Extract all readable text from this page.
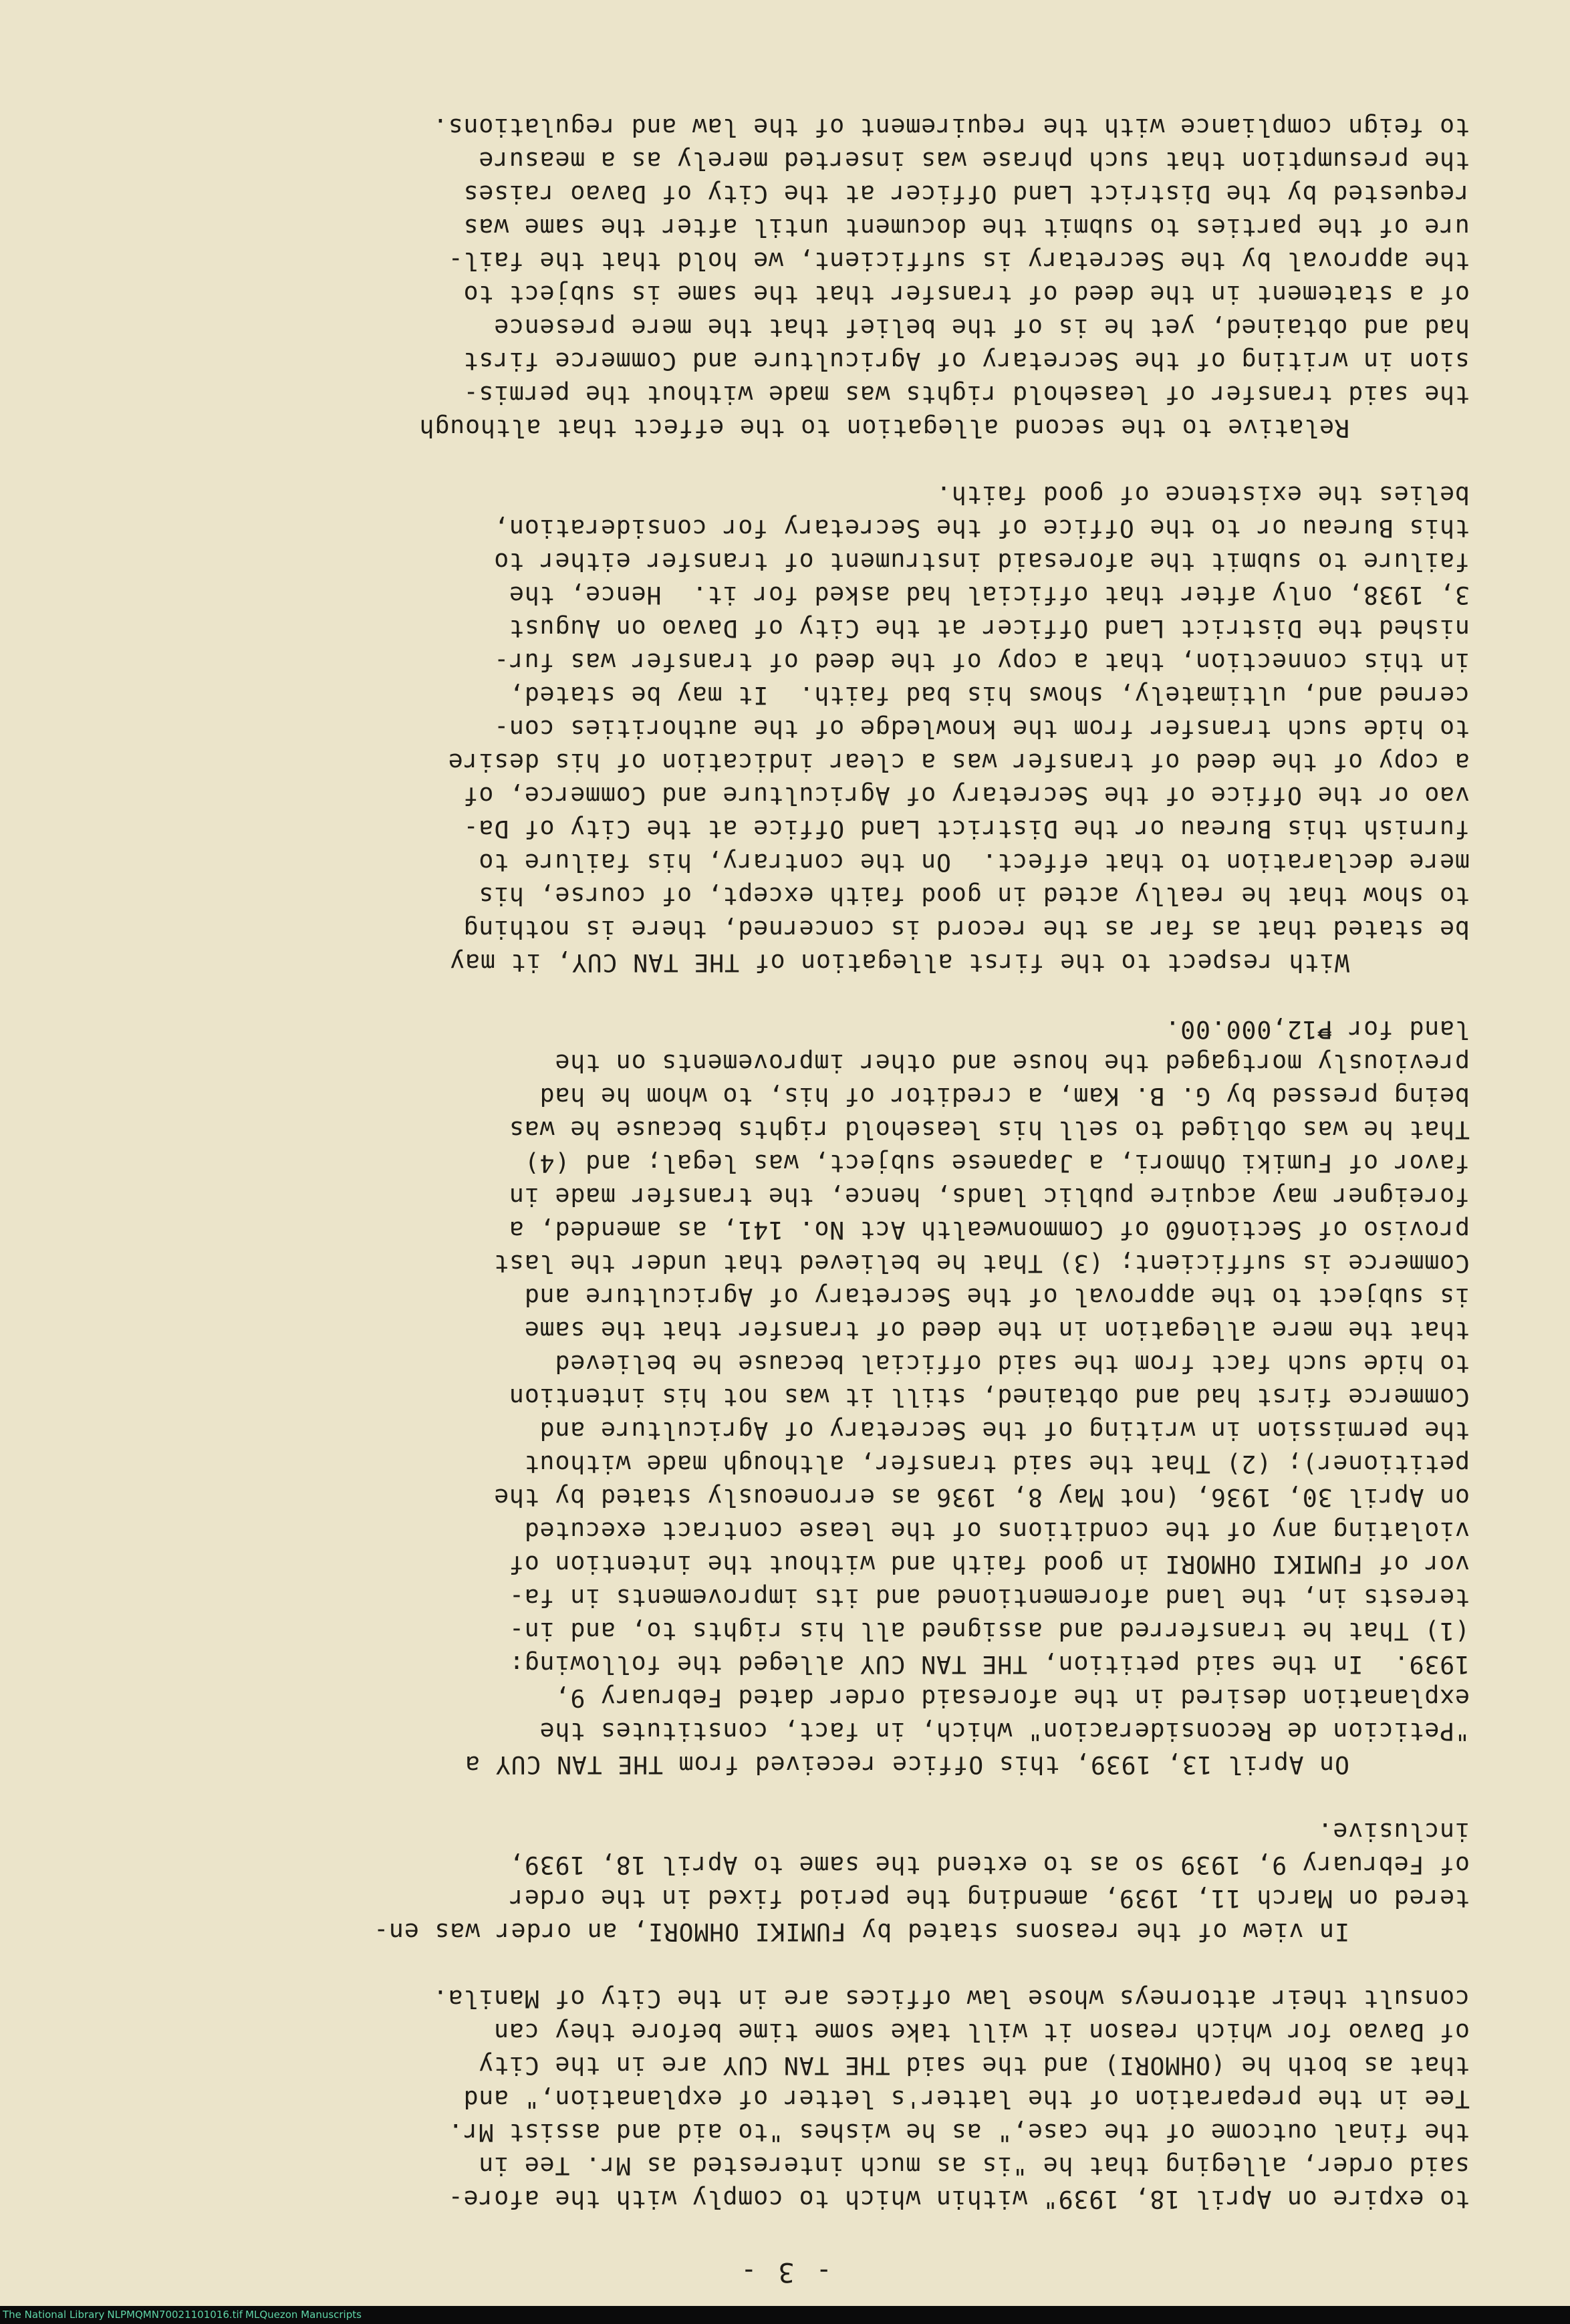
- 3 -
to expire on April 18, 1939" within which to comply with the afore-
said order, alleging that he "is as much interested as Mr. Tee in
the final outcome of the case," as he wishes "to aid and assist Mr.
Tee in the preparation of the latter's letter of explanation," and
that as both he (OHMORI) and the said THE TAN CUY are in the City
of Davao for which reason it will take some time before they can
consult their attorneys whose law offices are in the City of Manila.
In view of the reasons stated by FUMIKI OHMORI, an order was en-
tered on March 11, 1939, amending the period fixed in the order
of February 9, 1939 so as to extend the same to April 18, 1939,
inclusive.
On April 13, 1939, this Office received from THE TAN CUY a
"Peticion de Reconsideracion" which, in fact, constitutes the
explanation desired in the aforesaid order dated February 9,
1939.  In the said petition, THE TAN CUY alleged the following:
(1) That he transferred and assigned all his rights to, and in-
terests in, the land aforementioned and its improvements in fa-
vor of FUMIKI OHMORI in good faith and without the intention of
violating any of the conditions of the lease contract executed
on April 30, 1936, (not May 8, 1936 as erroneously stated by the
petitioner); (2) That the said transfer, although made without
the permission in writing of the Secretary of Agriculture and
Commerce first had and obtained, still it was not his intention
to hide such fact from the said official because he believed
that the mere allegation in the deed of transfer that the same
is subject to the approval of the Secretary of Agriculture and
Commerce is sufficient; (3) That he believed that under the last
proviso of Section60 of Commonwealth Act No. 141, as amended, a
foreigner may acquire public lands, hence, the transfer made in
favor of Fumiki Ohmori, a Japanese subject, was legal; and (4)
That he was obliged to sell his leasehold rights because he was
being pressed by G. B. Kam, a creditor of his, to whom he had
previously mortgaged the house and other improvements on the
land for ₱12,000.00.
With respect to the first allegation of THE TAN CUY, it may
be stated that as far as the record is concerned, there is nothing
to show that he really acted in good faith except, of course, his
mere declaration to that effect.  On the contrary, his failure to
furnish this Bureau or the District Land Office at the City of Da-
vao or the Office of the Secretary of Agriculture and Commerce, of
a copy of the deed of transfer was a clear indication of his desire
to hide such transfer from the knowledge of the authorities con-
cerned and, ultimately, shows his bad faith.  It may be stated,
in this connection, that a copy of the deed of transfer was fur-
nished the District Land Officer at the City of Davao on August
3, 1938, only after that official had asked for it.  Hence, the
failure to submit the aforesaid instrument of transfer either to
this Bureau or to the Office of the Secretary for consideration,
belies the existence of good faith.
Relative to the second allegation to the effect that although
the said transfer of leasehold rights was made without the permis-
sion in writing of the Secretary of Agriculture and Commerce first
had and obtained, yet he is of the belief that the mere presence
of a statement in the deed of transfer that the same is subject to
the approval by the Secretary is sufficient, we hold that the fail-
ure of the parties to submit the document until after the same was
requested by the District Land Officer at the City of Davao raises
the presumption that such phrase was inserted merely as a measure
to feign compliance with the requirement of the law and regulations.
The National Library NLPMQMN70021101016.tif MLQuezon Manuscripts
